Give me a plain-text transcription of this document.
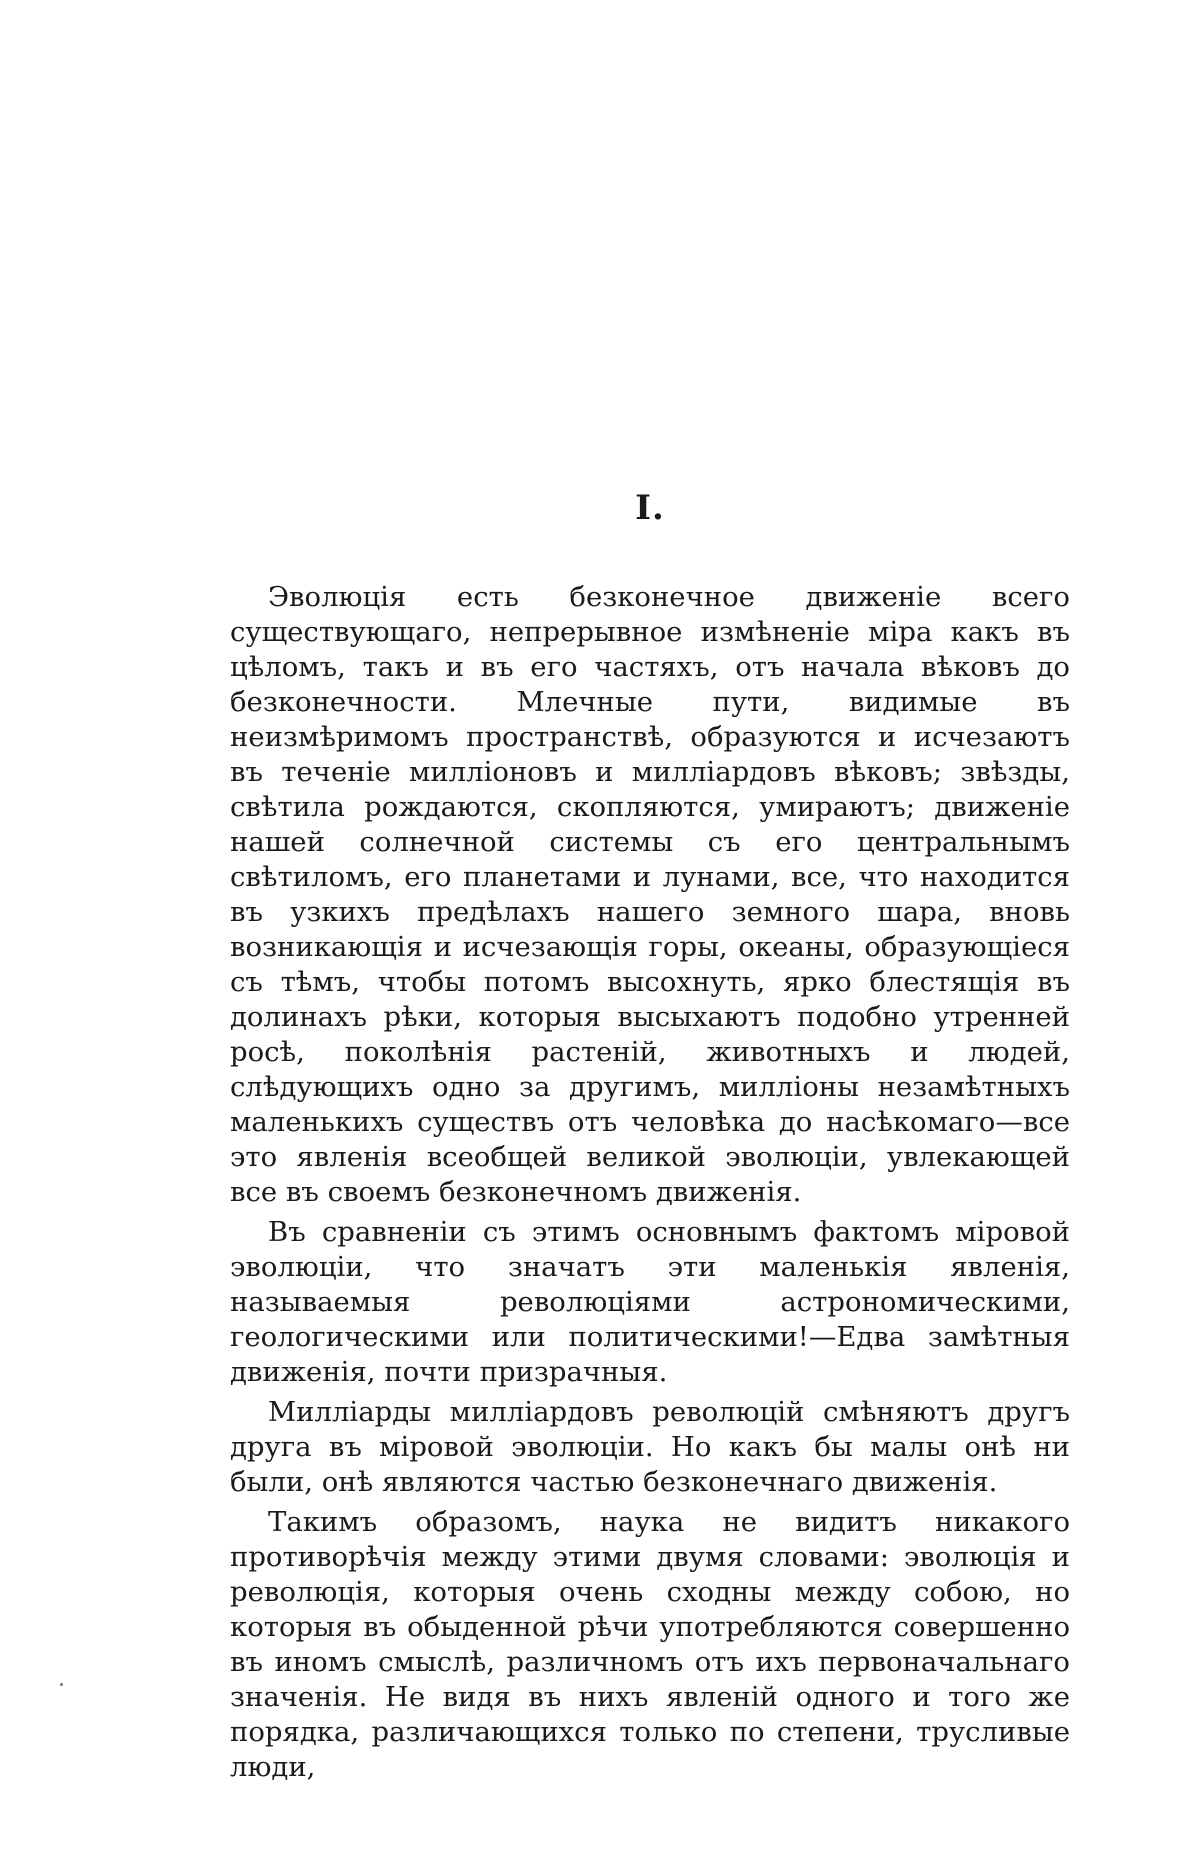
I.

Эволюція есть безконечное движеніе всего существующаго, непрерывное измѣненіе міра какъ въ цѣломъ, такъ и въ его частяхъ, отъ начала вѣковъ до безконечности. Млечные пути, видимые въ неизмѣримомъ пространствѣ, образуются и исчезаютъ въ теченіе милліоновъ и милліардовъ вѣковъ; звѣзды, свѣтила рождаются, скопляются, умираютъ; движеніе нашей солнечной системы съ его центральнымъ свѣтиломъ, его планетами и лунами, все, что находится въ узкихъ предѣлахъ нашего земного шара, вновь возникающія и исчезающія горы, океаны, образующіеся съ тѣмъ, чтобы потомъ высохнуть, ярко блестящія въ долинахъ рѣки, которыя высыхаютъ подобно утренней росѣ, поколѣнія растеній, животныхъ и людей, слѣдующихъ одно за другимъ, милліоны незамѣтныхъ маленькихъ существъ отъ человѣка до насѣкомаго—все это явленія всеобщей великой эволюціи, увлекающей все въ своемъ безконечномъ движенія.

Въ сравненіи съ этимъ основнымъ фактомъ міровой эволюціи, что значатъ эти маленькія явленія, называемыя революціями астрономическими, геологическими или политическими!—Едва замѣтныя движенія, почти призрачныя.

Милліарды милліардовъ революцій смѣняютъ другъ друга въ міровой эволюціи. Но какъ бы малы онѣ ни были, онѣ являются частью безконечнаго движенія.

Такимъ образомъ, наука не видитъ никакого противорѣчія между этими двумя словами: эволюція и революція, которыя очень сходны между собою, но которыя въ обыденной рѣчи употребляются совершенно въ иномъ смыслѣ, различномъ отъ ихъ первоначальнаго значенія. Не видя въ нихъ явленій одного и того же порядка, различающихся только по степени, трусливые люди,
